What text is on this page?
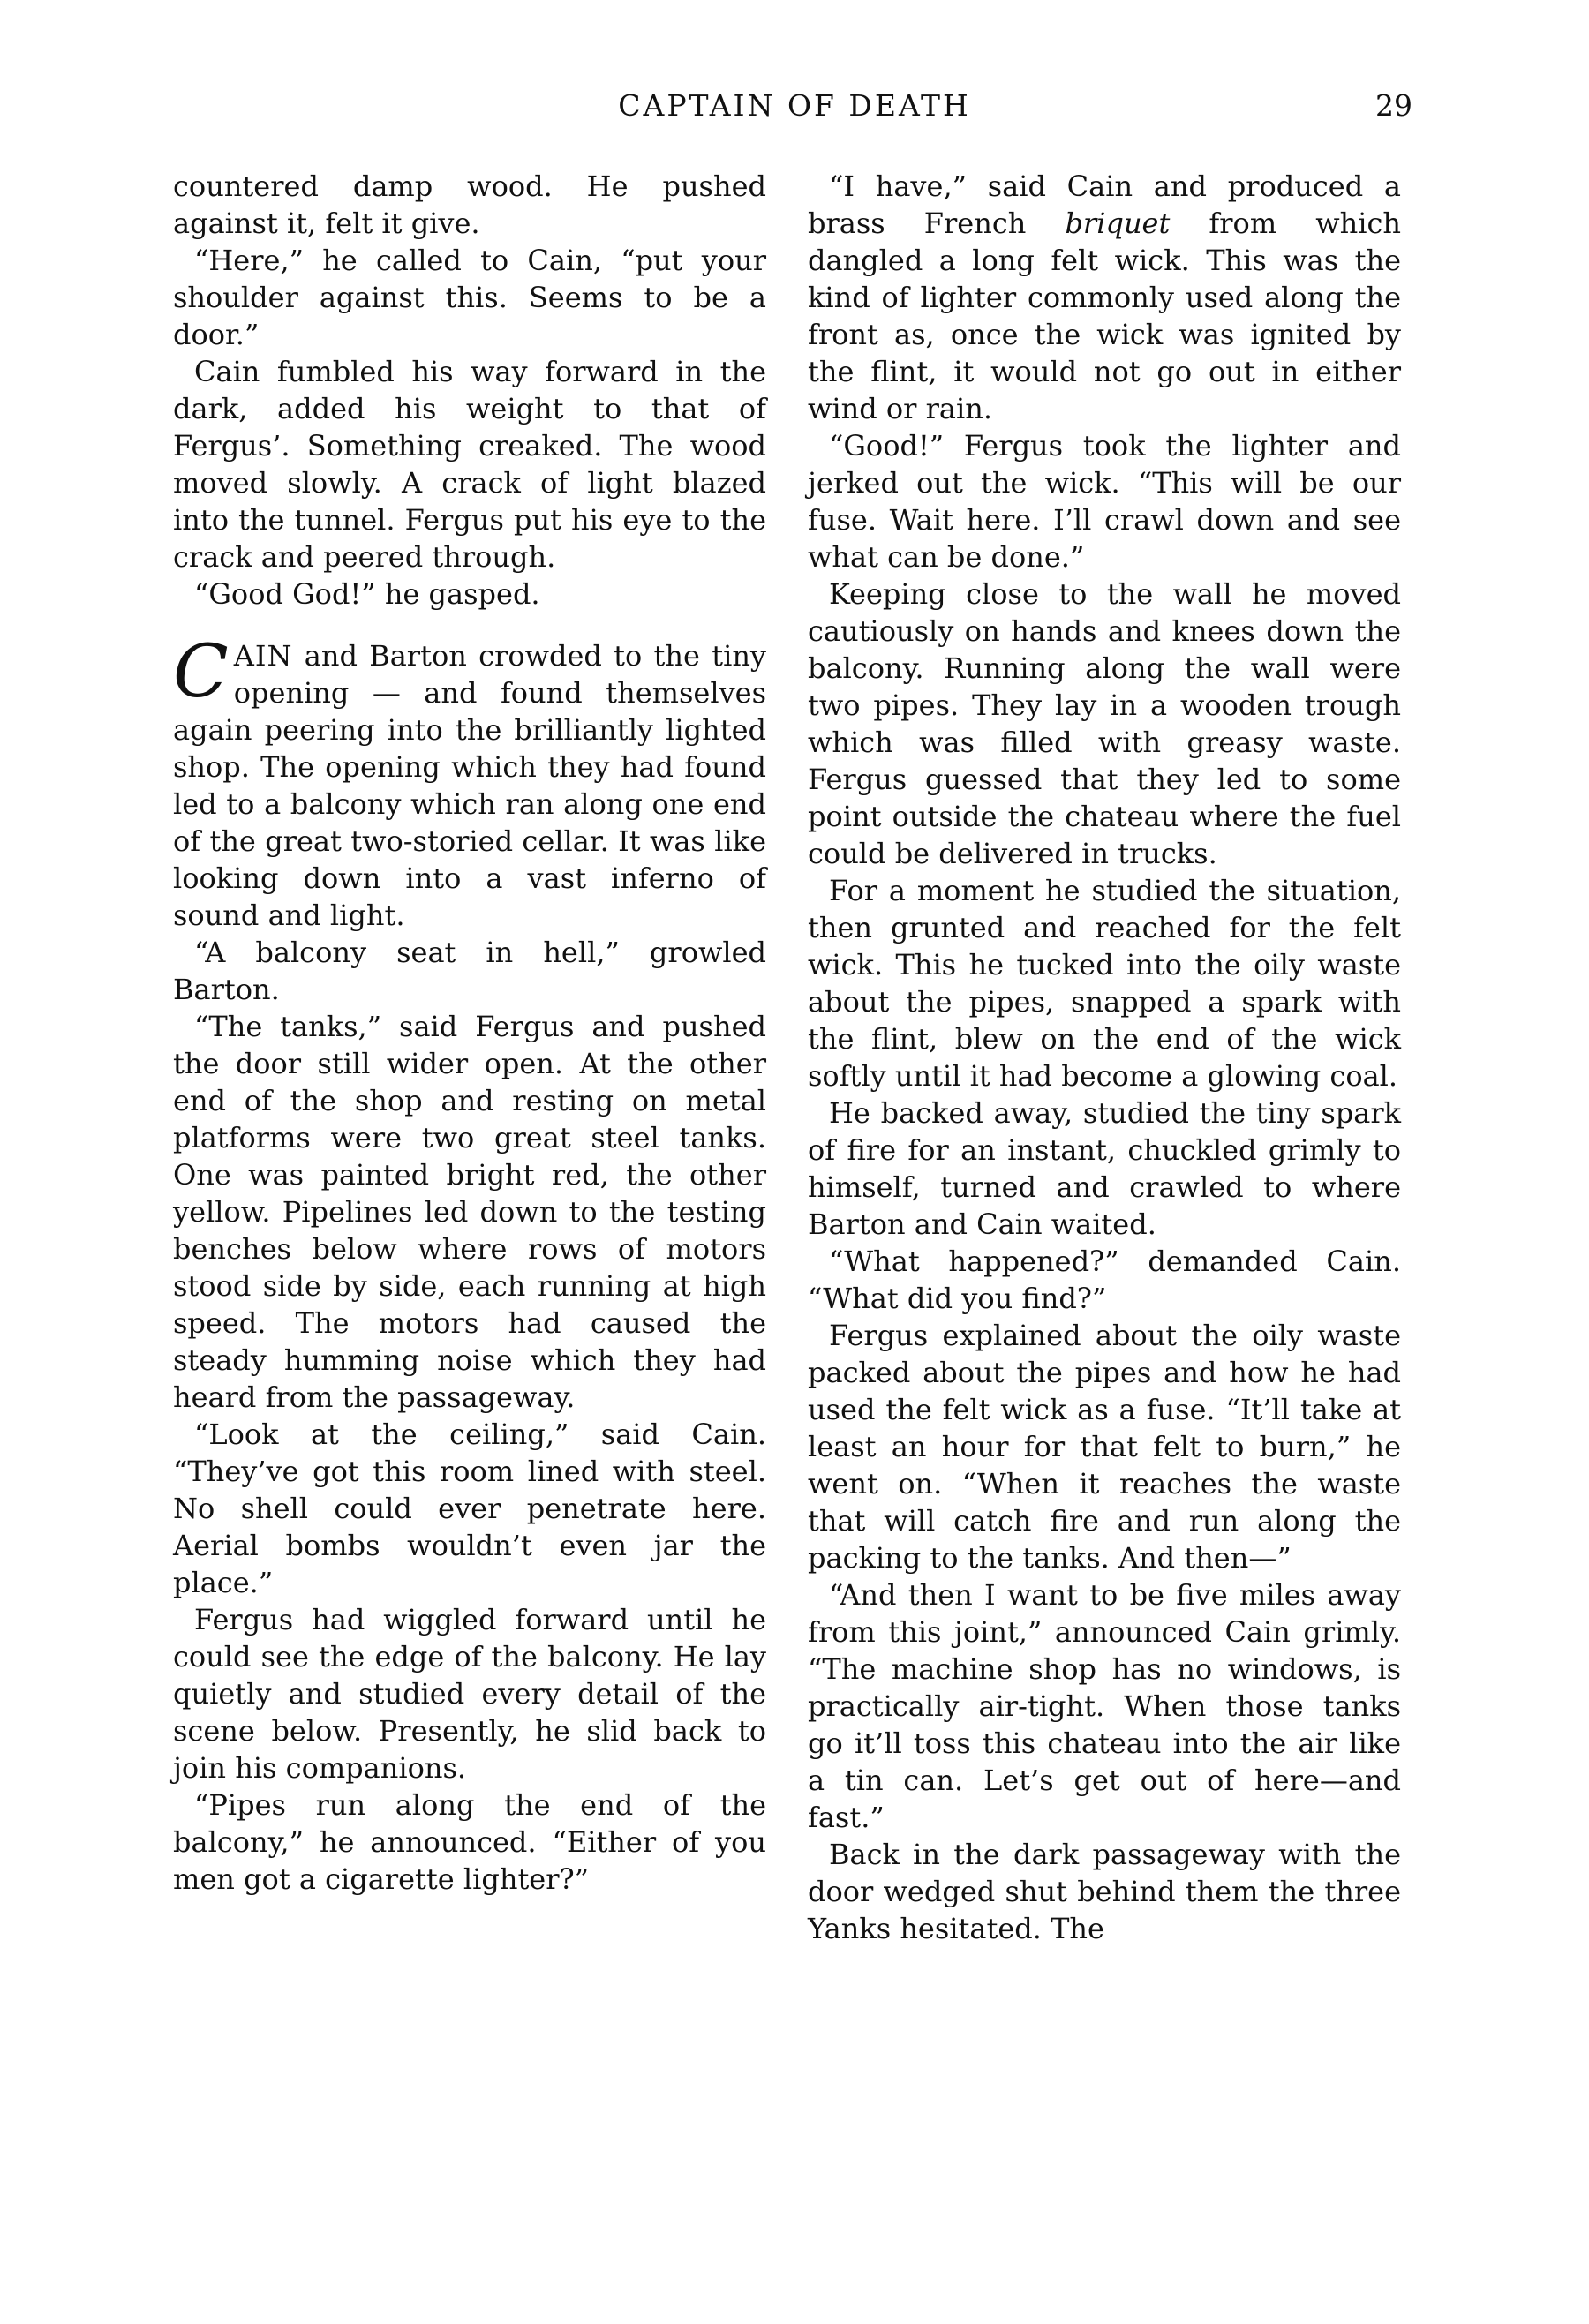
CAPTAIN OF DEATH	29

countered damp wood. He pushed against it, felt it give.

“Here,” he called to Cain, “put your shoulder against this. Seems to be a door.”

Cain fumbled his way forward in the dark, added his weight to that of Fergus’. Something creaked. The wood moved slowly. A crack of light blazed into the tunnel. Fergus put his eye to the crack and peered through.

“Good God!” he gasped.

CAIN and Barton crowded to the tiny opening — and found themselves again peering into the brilliantly lighted shop. The opening which they had found led to a balcony which ran along one end of the great two-storied cellar. It was like looking down into a vast inferno of sound and light.

“A balcony seat in hell,” growled Barton.

“The tanks,” said Fergus and pushed the door still wider open. At the other end of the shop and resting on metal platforms were two great steel tanks. One was painted bright red, the other yellow. Pipelines led down to the testing benches below where rows of motors stood side by side, each running at high speed. The motors had caused the steady humming noise which they had heard from the passageway.

“Look at the ceiling,” said Cain. “They’ve got this room lined with steel. No shell could ever penetrate here. Aerial bombs wouldn’t even jar the place.”

Fergus had wiggled forward until he could see the edge of the balcony. He lay quietly and studied every detail of the scene below. Presently, he slid back to join his companions.

“Pipes run along the end of the balcony,” he announced. “Either of you men got a cigarette lighter?”

“I have,” said Cain and produced a brass French briquet from which dangled a long felt wick. This was the kind of lighter commonly used along the front as, once the wick was ignited by the flint, it would not go out in either wind or rain.

“Good!” Fergus took the lighter and jerked out the wick. “This will be our fuse. Wait here. I’ll crawl down and see what can be done.”

Keeping close to the wall he moved cautiously on hands and knees down the balcony. Running along the wall were two pipes. They lay in a wooden trough which was filled with greasy waste. Fergus guessed that they led to some point outside the chateau where the fuel could be delivered in trucks.

For a moment he studied the situation, then grunted and reached for the felt wick. This he tucked into the oily waste about the pipes, snapped a spark with the flint, blew on the end of the wick softly until it had become a glowing coal.

He backed away, studied the tiny spark of fire for an instant, chuckled grimly to himself, turned and crawled to where Barton and Cain waited.

“What happened?” demanded Cain. “What did you find?”

Fergus explained about the oily waste packed about the pipes and how he had used the felt wick as a fuse. “It’ll take at least an hour for that felt to burn,” he went on. “When it reaches the waste that will catch fire and run along the packing to the tanks. And then—”

“And then I want to be five miles away from this joint,” announced Cain grimly. “The machine shop has no windows, is practically air-tight. When those tanks go it’ll toss this chateau into the air like a tin can. Let’s get out of here—and fast.”

Back in the dark passageway with the door wedged shut behind them the three Yanks hesitated. The
